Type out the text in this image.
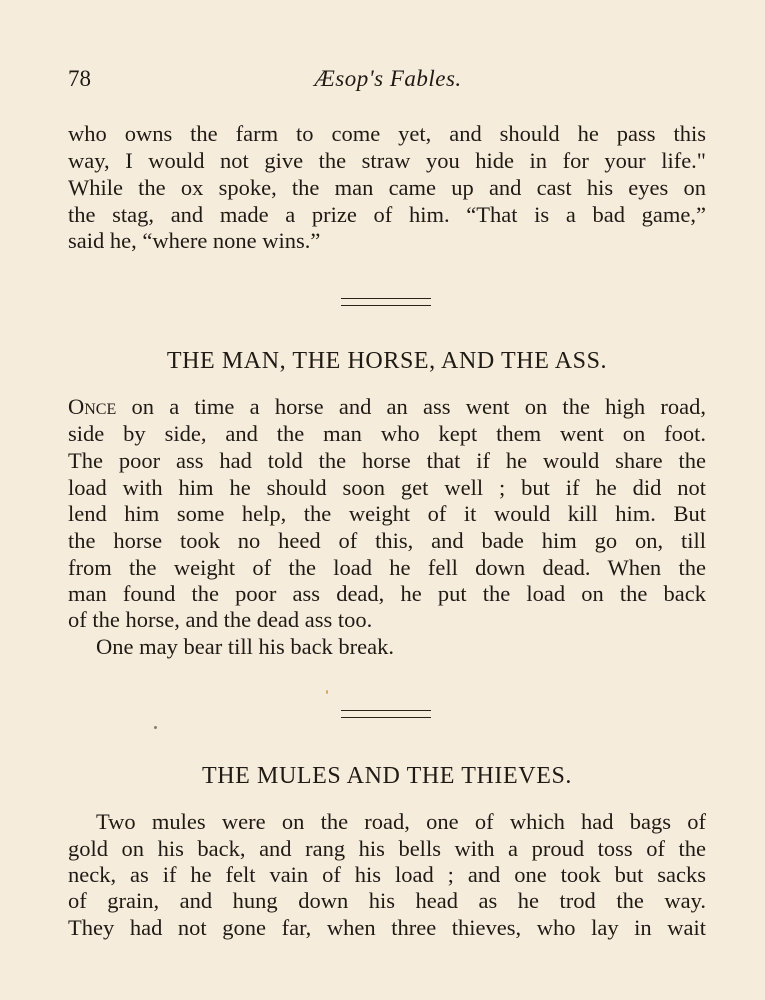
78	Æsop's Fables.
who owns the farm to come yet, and should he pass this
way, I would not give the straw you hide in for your life."
While the ox spoke, the man came up and cast his eyes on
the stag, and made a prize of him. “That is a bad game,”
said he, “where none wins.”
THE MAN, THE HORSE, AND THE ASS.
Once on a time a horse and an ass went on the high road,
side by side, and the man who kept them went on foot.
The poor ass had told the horse that if he would share the
load with him he should soon get well ; but if he did not
lend him some help, the weight of it would kill him. But
the horse took no heed of this, and bade him go on, till
from the weight of the load he fell down dead. When the
man found the poor ass dead, he put the load on the back
of the horse, and the dead ass too.
One may bear till his back break.
THE MULES AND THE THIEVES.
Two mules were on the road, one of which had bags of
gold on his back, and rang his bells with a proud toss of the
neck, as if he felt vain of his load ; and one took but sacks
of grain, and hung down his head as he trod the way.
They had not gone far, when three thieves, who lay in wait
